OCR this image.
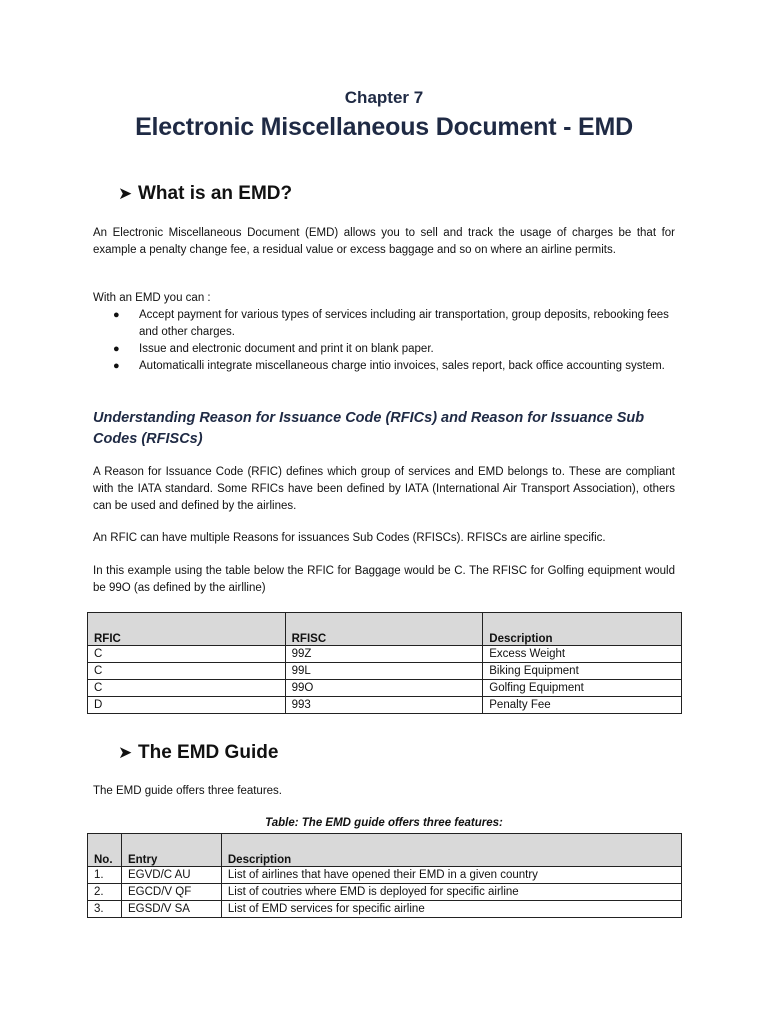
Chapter 7
Electronic Miscellaneous Document - EMD
➤ What is an EMD?
An Electronic Miscellaneous Document (EMD) allows you to sell and track the usage of charges be that for example a penalty change fee, a residual value or excess baggage and so on where an airline permits.
With an EMD you can :
● Accept payment for various types of services including air transportation, group deposits, rebooking fees and other charges.
● Issue and electronic document and print it on blank paper.
● Automaticalli integrate miscellaneous charge intio invoices, sales report, back office accounting system.
Understanding Reason for Issuance Code (RFICs) and Reason for Issuance Sub Codes (RFISCs)
A Reason for Issuance Code (RFIC) defines which group of services and EMD belongs to. These are compliant with the IATA standard. Some RFICs have been defined by IATA (International Air Transport Association), others can be used and defined by the airlines.
An RFIC can have multiple Reasons for issuances Sub Codes (RFISCs). RFISCs are airline specific.
In this example using the table below the RFIC for Baggage would be C. The RFISC for Golfing equipment would be 99O (as defined by the airlline)
RFIC	RFISC	Description
C	99Z	Excess Weight
C	99L	Biking Equipment
C	99O	Golfing Equipment
D	993	Penalty Fee
➤ The EMD Guide
The EMD guide offers three features.
Table: The EMD guide offers three features:
No.	Entry	Description
1.	EGVD/C AU	List of airlines that have opened their EMD in a given country
2.	EGCD/V QF	List of coutries where EMD is deployed for specific airline
3.	EGSD/V SA	List of EMD services for specific airline
